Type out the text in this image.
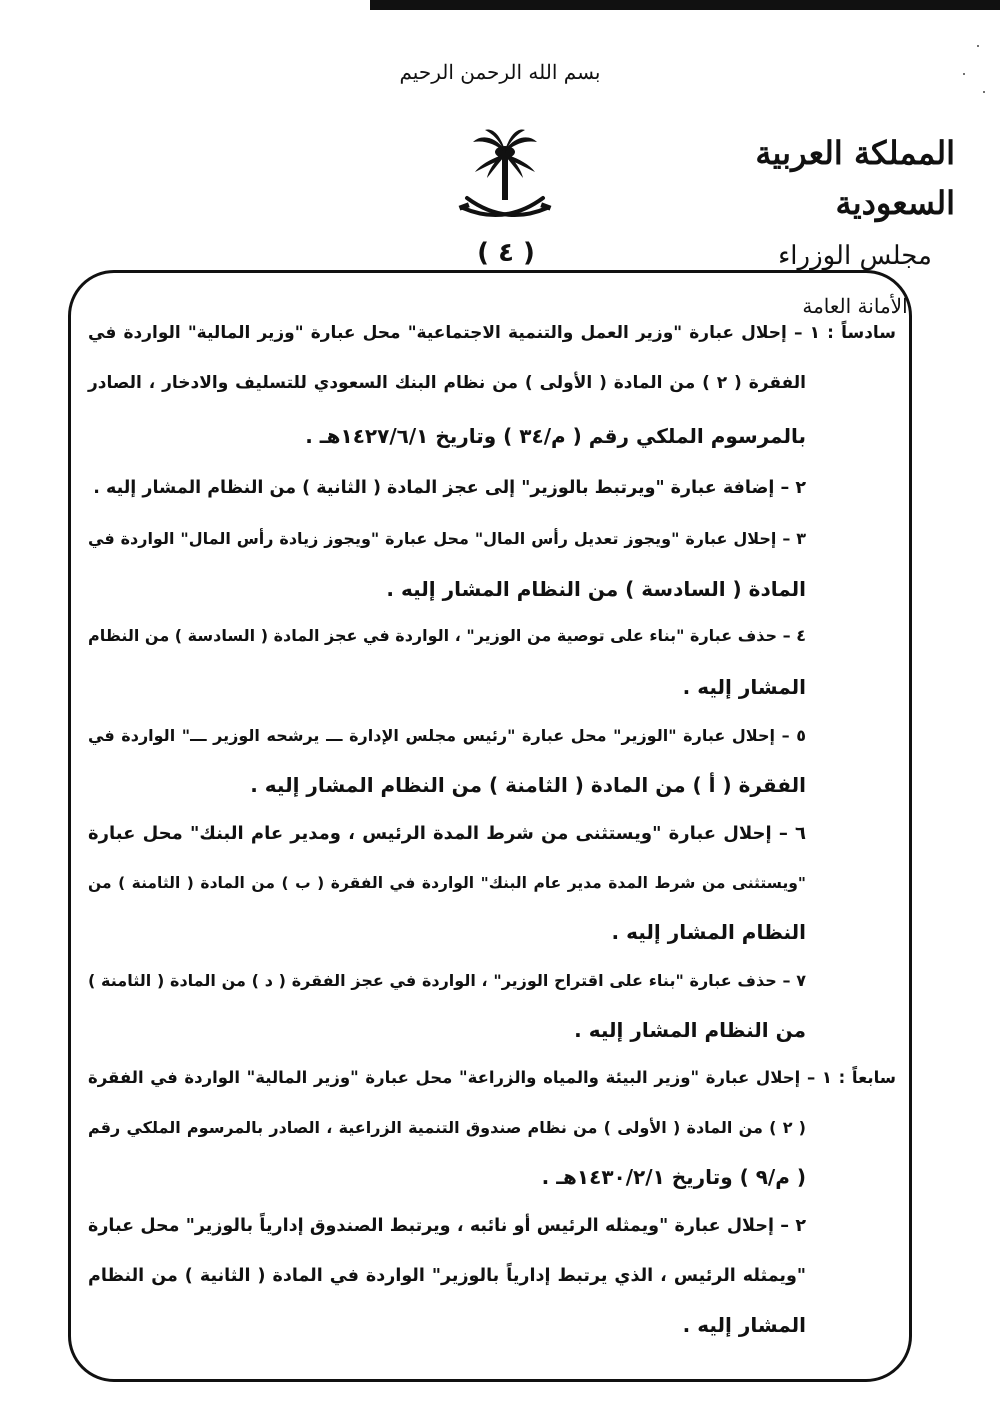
بسم الله الرحمن الرحيم
( ٤ )

المملكة العربية السعودية

مجلس الوزراء

الأمانة العامة

سادساً : ١ – إحلال عبارة "وزير العمل والتنمية الاجتماعية" محل عبارة "وزير المالية" الواردة في
الفقرة ( ٢ ) من المادة ( الأولى ) من نظام البنك السعودي للتسليف والادخار ، الصادر
بالمرسوم الملكي رقم ( م/٣٤ ) وتاريخ ١٤٢٧/٦/١هـ .
٢ – إضافة عبارة "ويرتبط بالوزير" إلى عجز المادة ( الثانية ) من النظام المشار إليه .
٣ – إحلال عبارة "ويجوز تعديل رأس المال" محل عبارة "ويجوز زيادة رأس المال" الواردة في
المادة ( السادسة ) من النظام المشار إليه .
٤ – حذف عبارة "بناء على توصية من الوزير" ، الواردة في عجز المادة ( السادسة ) من النظام
المشار إليه .
٥ – إحلال عبارة "الوزير" محل عبارة "رئيس مجلس الإدارة ـــ يرشحه الوزير ـــ" الواردة في
الفقرة ( أ ) من المادة ( الثامنة ) من النظام المشار إليه .
٦ – إحلال عبارة "ويستثنى من شرط المدة الرئيس ، ومدير عام البنك" محل عبارة
"ويستثنى من شرط المدة مدير عام البنك" الواردة في الفقرة ( ب ) من المادة ( الثامنة ) من
النظام المشار إليه .
٧ – حذف عبارة "بناء على اقتراح الوزير" ، الواردة في عجز الفقرة ( د ) من المادة ( الثامنة )
من النظام المشار إليه .
سابعاً : ١ – إحلال عبارة "وزير البيئة والمياه والزراعة" محل عبارة "وزير المالية" الواردة في الفقرة
( ٢ ) من المادة ( الأولى ) من نظام صندوق التنمية الزراعية ، الصادر بالمرسوم الملكي رقم
( م/٩ ) وتاريخ ١٤٣٠/٢/١هـ .
٢ – إحلال عبارة "ويمثله الرئيس أو نائبه ، ويرتبط الصندوق إدارياً بالوزير" محل عبارة
"ويمثله الرئيس ، الذي يرتبط إدارياً بالوزير" الواردة في المادة ( الثانية ) من النظام
المشار إليه .
